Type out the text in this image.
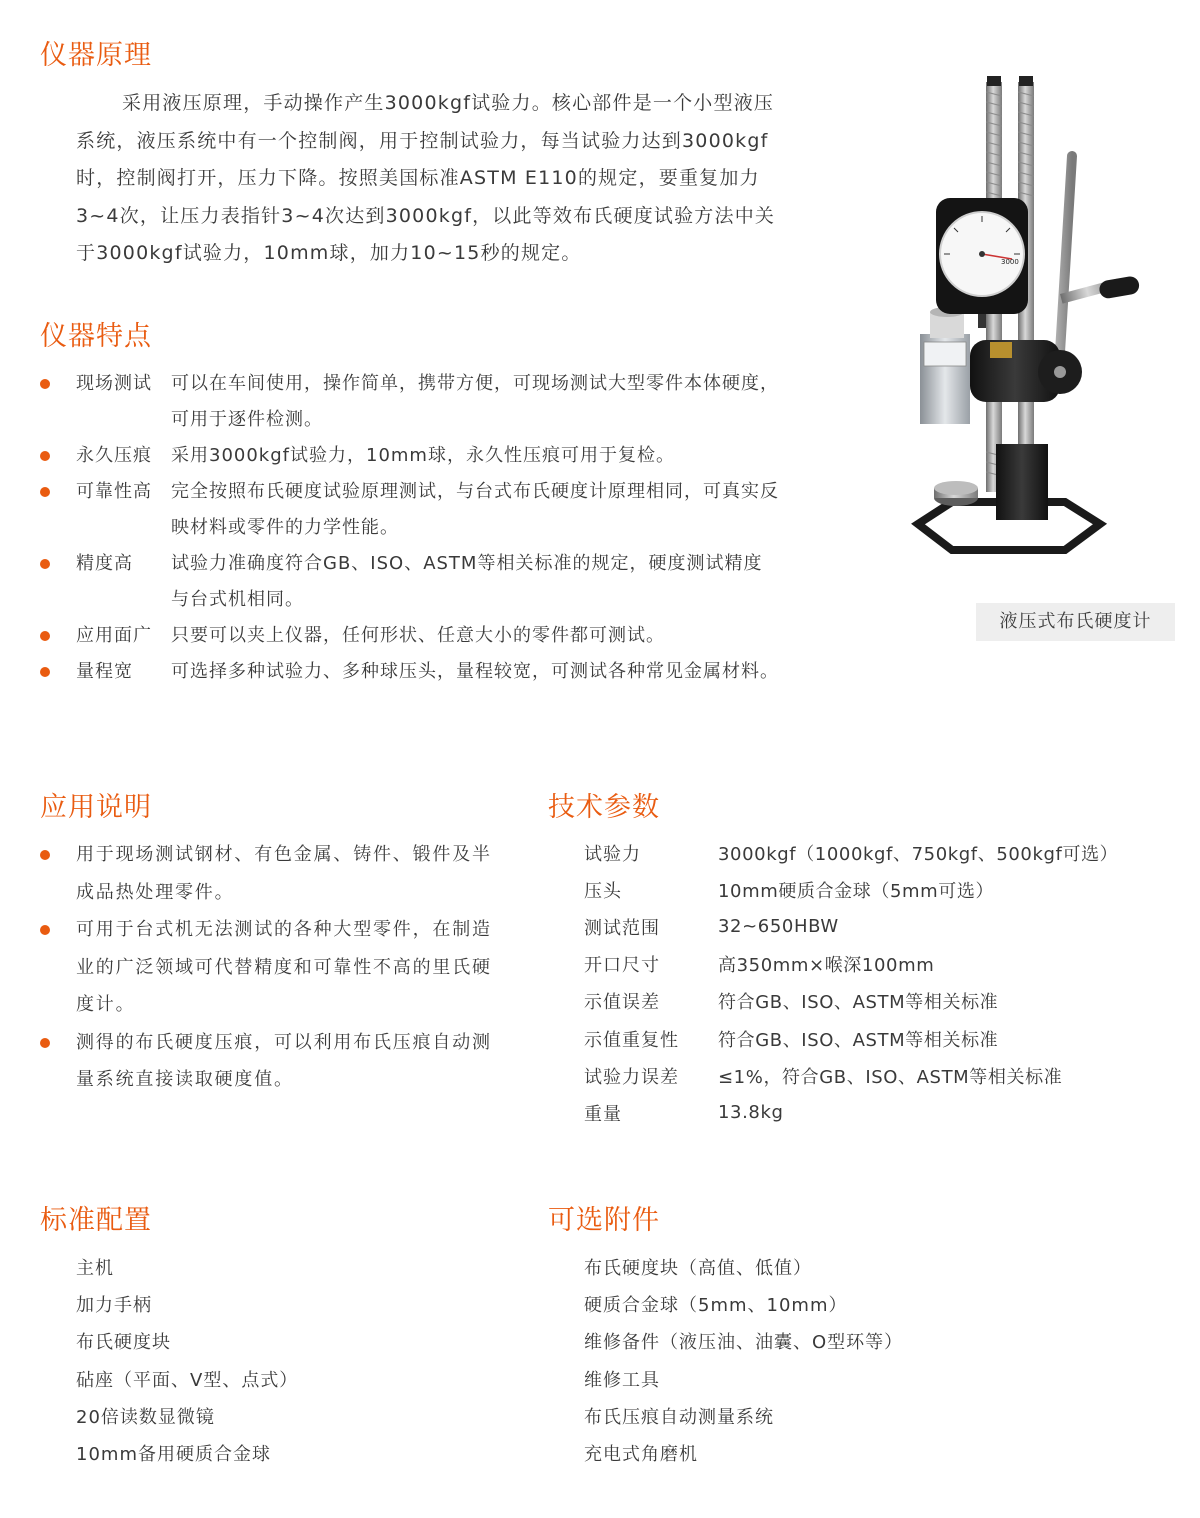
仪器原理

采用液压原理，手动操作产生3000kgf试验力。核心部件是一个小型液压系统，液压系统中有一个控制阀，用于控制试验力，每当试验力达到3000kgf时，控制阀打开，压力下降。按照美国标准ASTM E110的规定，要重复加力3~4次，让压力表指针3~4次达到3000kgf，以此等效布氏硬度试验方法中关于3000kgf试验力，10mm球，加力10~15秒的规定。

仪器特点
现场测试	可以在车间使用，操作简单，携带方便，可现场测试大型零件本体硬度，可用于逐件检测。
永久压痕	采用3000kgf试验力，10mm球，永久性压痕可用于复检。
可靠性高	完全按照布氏硬度试验原理测试，与台式布氏硬度计原理相同，可真实反映材料或零件的力学性能。
精度高	试验力准确度符合GB、ISO、ASTM等相关标准的规定，硬度测试精度与台式机相同。
应用面广	只要可以夹上仪器，任何形状、任意大小的零件都可测试。
量程宽	可选择多种试验力、多种球压头，量程较宽，可测试各种常见金属材料。
3000
液压式布氏硬度计
应用说明
用于现场测试钢材、有色金属、铸件、锻件及半成品热处理零件。
可用于台式机无法测试的各种大型零件，在制造业的广泛领域可代替精度和可靠性不高的里氏硬度计。
测得的布氏硬度压痕，可以利用布氏压痕自动测量系统直接读取硬度值。
技术参数
试验力	3000kgf（1000kgf、750kgf、500kgf可选）
压头	10mm硬质合金球（5mm可选）
测试范围	32~650HBW
开口尺寸	高350mm×喉深100mm
示值误差	符合GB、ISO、ASTM等相关标准
示值重复性	符合GB、ISO、ASTM等相关标准
试验力误差	≤1%，符合GB、ISO、ASTM等相关标准
重量	13.8kg
标准配置
主机
加力手柄
布氏硬度块
砧座（平面、V型、点式）
20倍读数显微镜
10mm备用硬质合金球
可选附件
布氏硬度块（高值、低值）
硬质合金球（5mm、10mm）
维修备件（液压油、油囊、O型环等）
维修工具
布氏压痕自动测量系统
充电式角磨机
